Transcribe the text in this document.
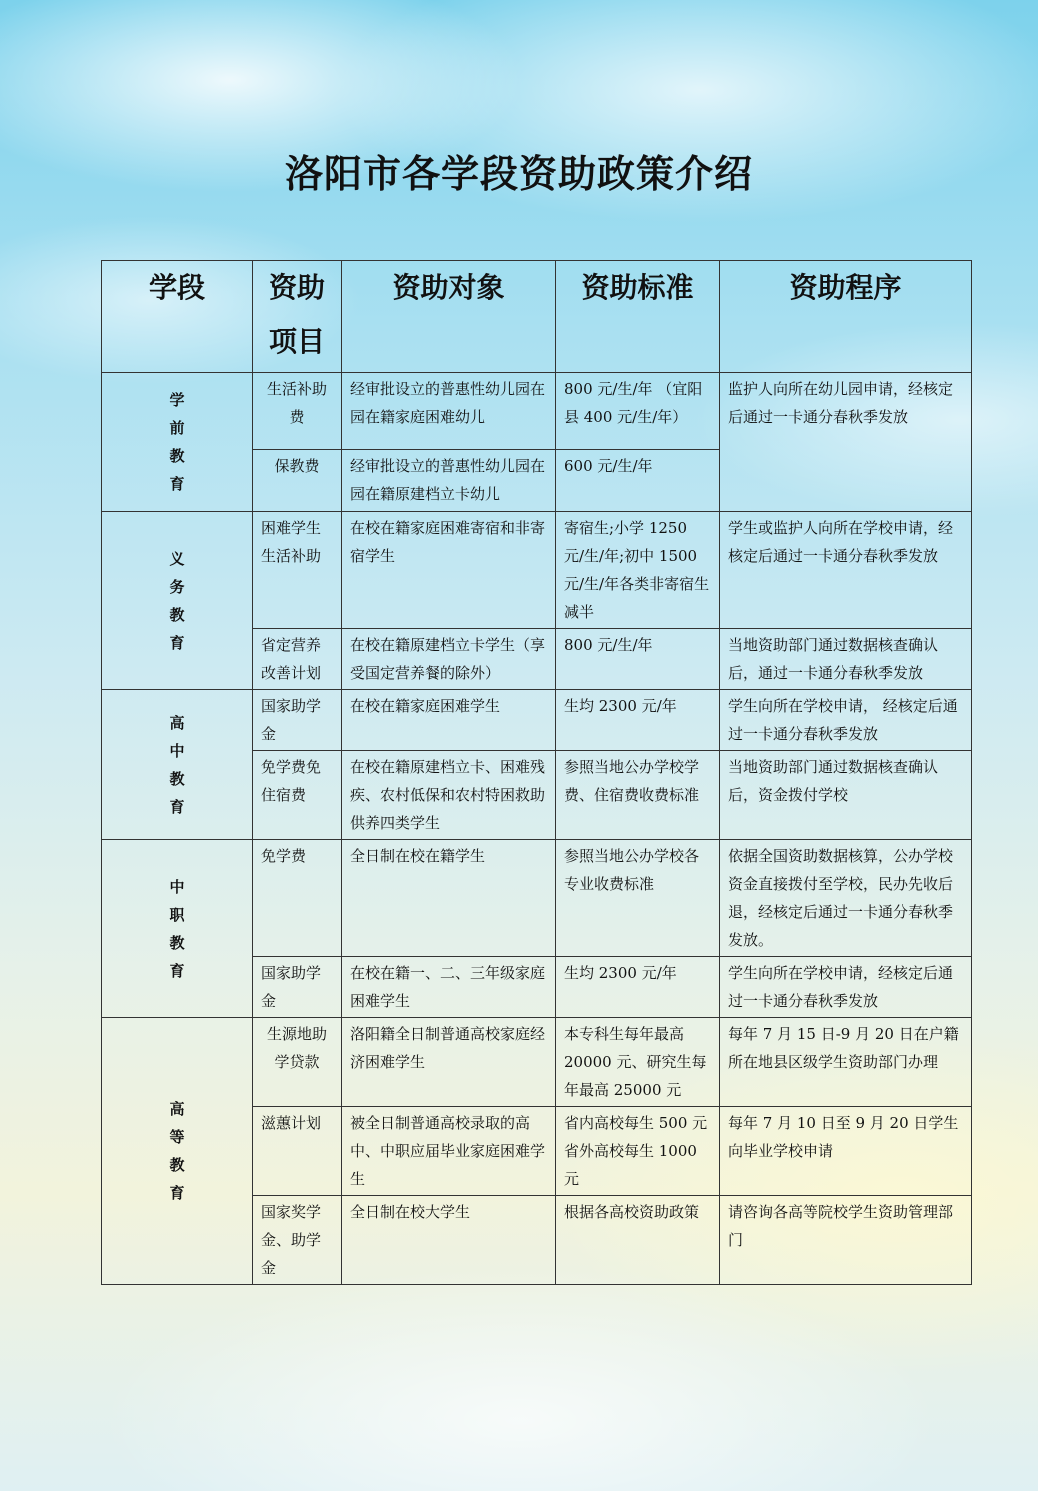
洛阳市各学段资助政策介绍
学段	资助项目	资助对象	资助标准	资助程序
学前教育	生活补助费	经审批设立的普惠性幼儿园在园在籍家庭困难幼儿	800 元/生/年 （宜阳县 400 元/生/年）	监护人向所在幼儿园申请，经核定后通过一卡通分春秋季发放
	保教费	经审批设立的普惠性幼儿园在园在籍原建档立卡幼儿	600 元/生/年	
义务教育	困难学生生活补助	在校在籍家庭困难寄宿和非寄宿学生	寄宿生;小学 1250 元/生/年;初中 1500 元/生/年各类非寄宿生减半	学生或监护人向所在学校申请，经核定后通过一卡通分春秋季发放
	省定营养改善计划	在校在籍原建档立卡学生（享受国定营养餐的除外）	800 元/生/年	当地资助部门通过数据核查确认后，通过一卡通分春秋季发放
高中教育	国家助学金	在校在籍家庭困难学生	生均 2300 元/年	学生向所在学校申请， 经核定后通过一卡通分春秋季发放
	免学费免住宿费	在校在籍原建档立卡、困难残疾、农村低保和农村特困救助供养四类学生	参照当地公办学校学费、住宿费收费标准	当地资助部门通过数据核查确认后，资金拨付学校
中职教育	免学费	全日制在校在籍学生	参照当地公办学校各专业收费标准	依据全国资助数据核算，公办学校资金直接拨付至学校，民办先收后退，经核定后通过一卡通分春秋季发放。
	国家助学金	在校在籍一、二、三年级家庭困难学生	生均 2300 元/年	学生向所在学校申请，经核定后通过一卡通分春秋季发放
高等教育	生源地助学贷款	洛阳籍全日制普通高校家庭经济困难学生	本专科生每年最高 20000 元、研究生每年最高 25000 元	每年 7 月 15 日-9 月 20 日在户籍所在地县区级学生资助部门办理
	滋蕙计划	被全日制普通高校录取的高中、中职应届毕业家庭困难学生	省内高校每生 500 元省外高校每生 1000 元	每年 7 月 10 日至 9 月 20 日学生向毕业学校申请
	国家奖学金、助学金	全日制在校大学生	根据各高校资助政策	请咨询各高等院校学生资助管理部门
